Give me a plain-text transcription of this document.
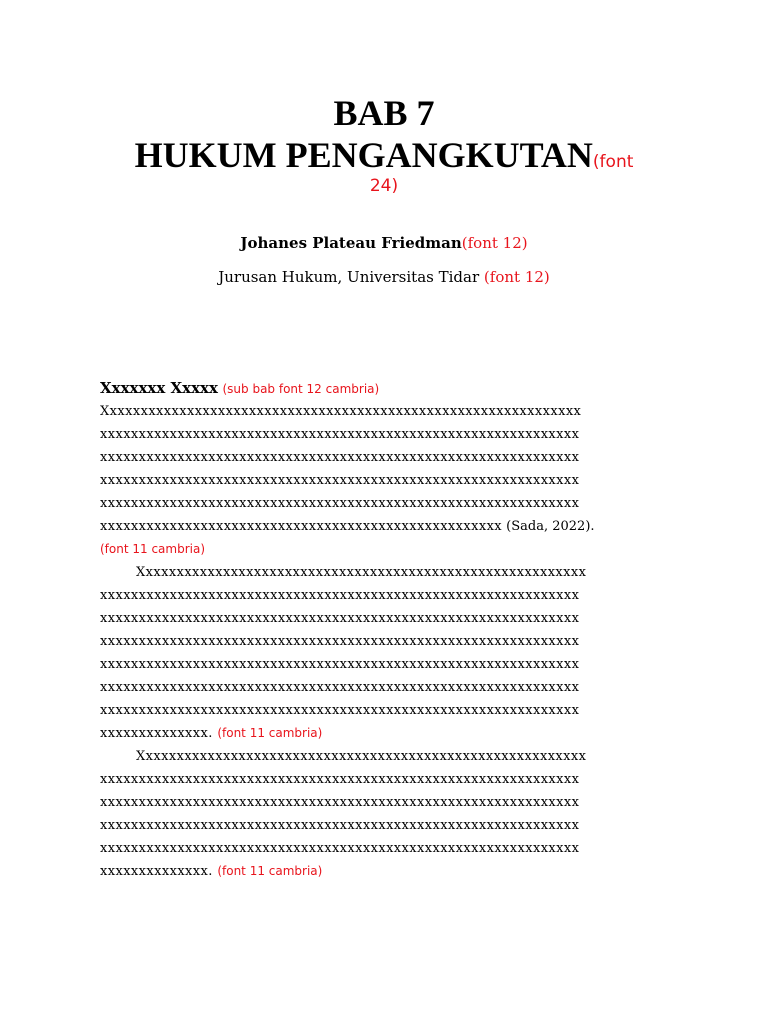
BAB 7
HUKUM PENGANGKUTAN(font
24)
Johanes Plateau Friedman(font 12)
Jurusan Hukum, Universitas Tidar (font 12)
Xxxxxxx Xxxxx (sub bab font 12 cambria)
Xxxxxxxxxxxxxxxxxxxxxxxxxxxxxxxxxxxxxxxxxxxxxxxxxxxxxxxxxxxxxx
xxxxxxxxxxxxxxxxxxxxxxxxxxxxxxxxxxxxxxxxxxxxxxxxxxxxxxxxxxxxxx
xxxxxxxxxxxxxxxxxxxxxxxxxxxxxxxxxxxxxxxxxxxxxxxxxxxxxxxxxxxxxx
xxxxxxxxxxxxxxxxxxxxxxxxxxxxxxxxxxxxxxxxxxxxxxxxxxxxxxxxxxxxxx
xxxxxxxxxxxxxxxxxxxxxxxxxxxxxxxxxxxxxxxxxxxxxxxxxxxxxxxxxxxxxx
xxxxxxxxxxxxxxxxxxxxxxxxxxxxxxxxxxxxxxxxxxxxxxxxxxxx (Sada, 2022).
(font 11 cambria)
Xxxxxxxxxxxxxxxxxxxxxxxxxxxxxxxxxxxxxxxxxxxxxxxxxxxxxxxxxx
xxxxxxxxxxxxxxxxxxxxxxxxxxxxxxxxxxxxxxxxxxxxxxxxxxxxxxxxxxxxxx
xxxxxxxxxxxxxxxxxxxxxxxxxxxxxxxxxxxxxxxxxxxxxxxxxxxxxxxxxxxxxx
xxxxxxxxxxxxxxxxxxxxxxxxxxxxxxxxxxxxxxxxxxxxxxxxxxxxxxxxxxxxxx
xxxxxxxxxxxxxxxxxxxxxxxxxxxxxxxxxxxxxxxxxxxxxxxxxxxxxxxxxxxxxx
xxxxxxxxxxxxxxxxxxxxxxxxxxxxxxxxxxxxxxxxxxxxxxxxxxxxxxxxxxxxxx
xxxxxxxxxxxxxxxxxxxxxxxxxxxxxxxxxxxxxxxxxxxxxxxxxxxxxxxxxxxxxx
xxxxxxxxxxxxxx. (font 11 cambria)
Xxxxxxxxxxxxxxxxxxxxxxxxxxxxxxxxxxxxxxxxxxxxxxxxxxxxxxxxxx
xxxxxxxxxxxxxxxxxxxxxxxxxxxxxxxxxxxxxxxxxxxxxxxxxxxxxxxxxxxxxx
xxxxxxxxxxxxxxxxxxxxxxxxxxxxxxxxxxxxxxxxxxxxxxxxxxxxxxxxxxxxxx
xxxxxxxxxxxxxxxxxxxxxxxxxxxxxxxxxxxxxxxxxxxxxxxxxxxxxxxxxxxxxx
xxxxxxxxxxxxxxxxxxxxxxxxxxxxxxxxxxxxxxxxxxxxxxxxxxxxxxxxxxxxxx
xxxxxxxxxxxxxx. (font 11 cambria)
